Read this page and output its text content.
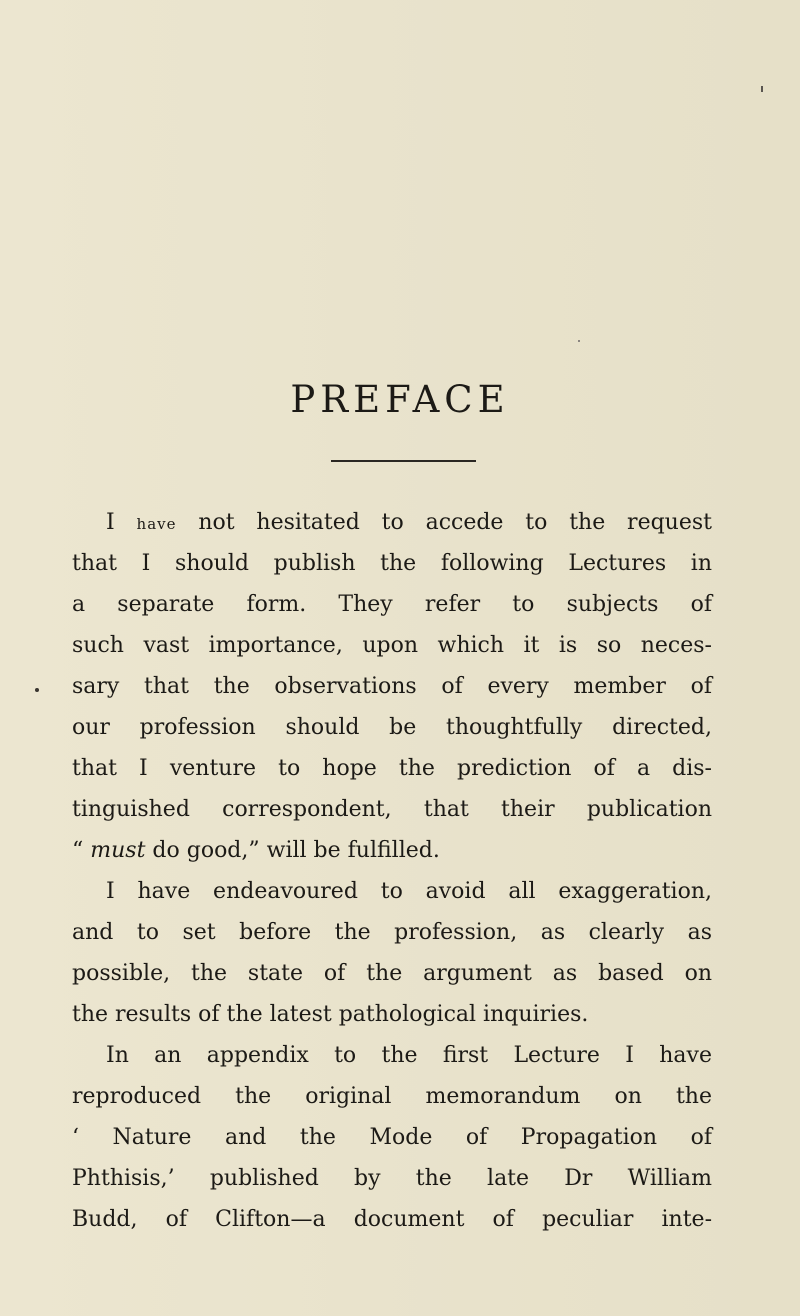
PREFACE
I have not hesitated to accede to the request
that I should publish the following Lectures in
a separate form. They refer to subjects of
such vast importance, upon which it is so neces-
sary that the observations of every member of
our profession should be thoughtfully directed,
that I venture to hope the prediction of a dis-
tinguished correspondent, that their publication
“ must do good,” will be fulfilled.
I have endeavoured to avoid all exaggeration,
and to set before the profession, as clearly as
possible, the state of the argument as based on
the results of the latest pathological inquiries.
In an appendix to the first Lecture I have
reproduced the original memorandum on the
‘ Nature and the Mode of Propagation of
Phthisis,’ published by the late Dr William
Budd, of Clifton—a document of peculiar inte-
